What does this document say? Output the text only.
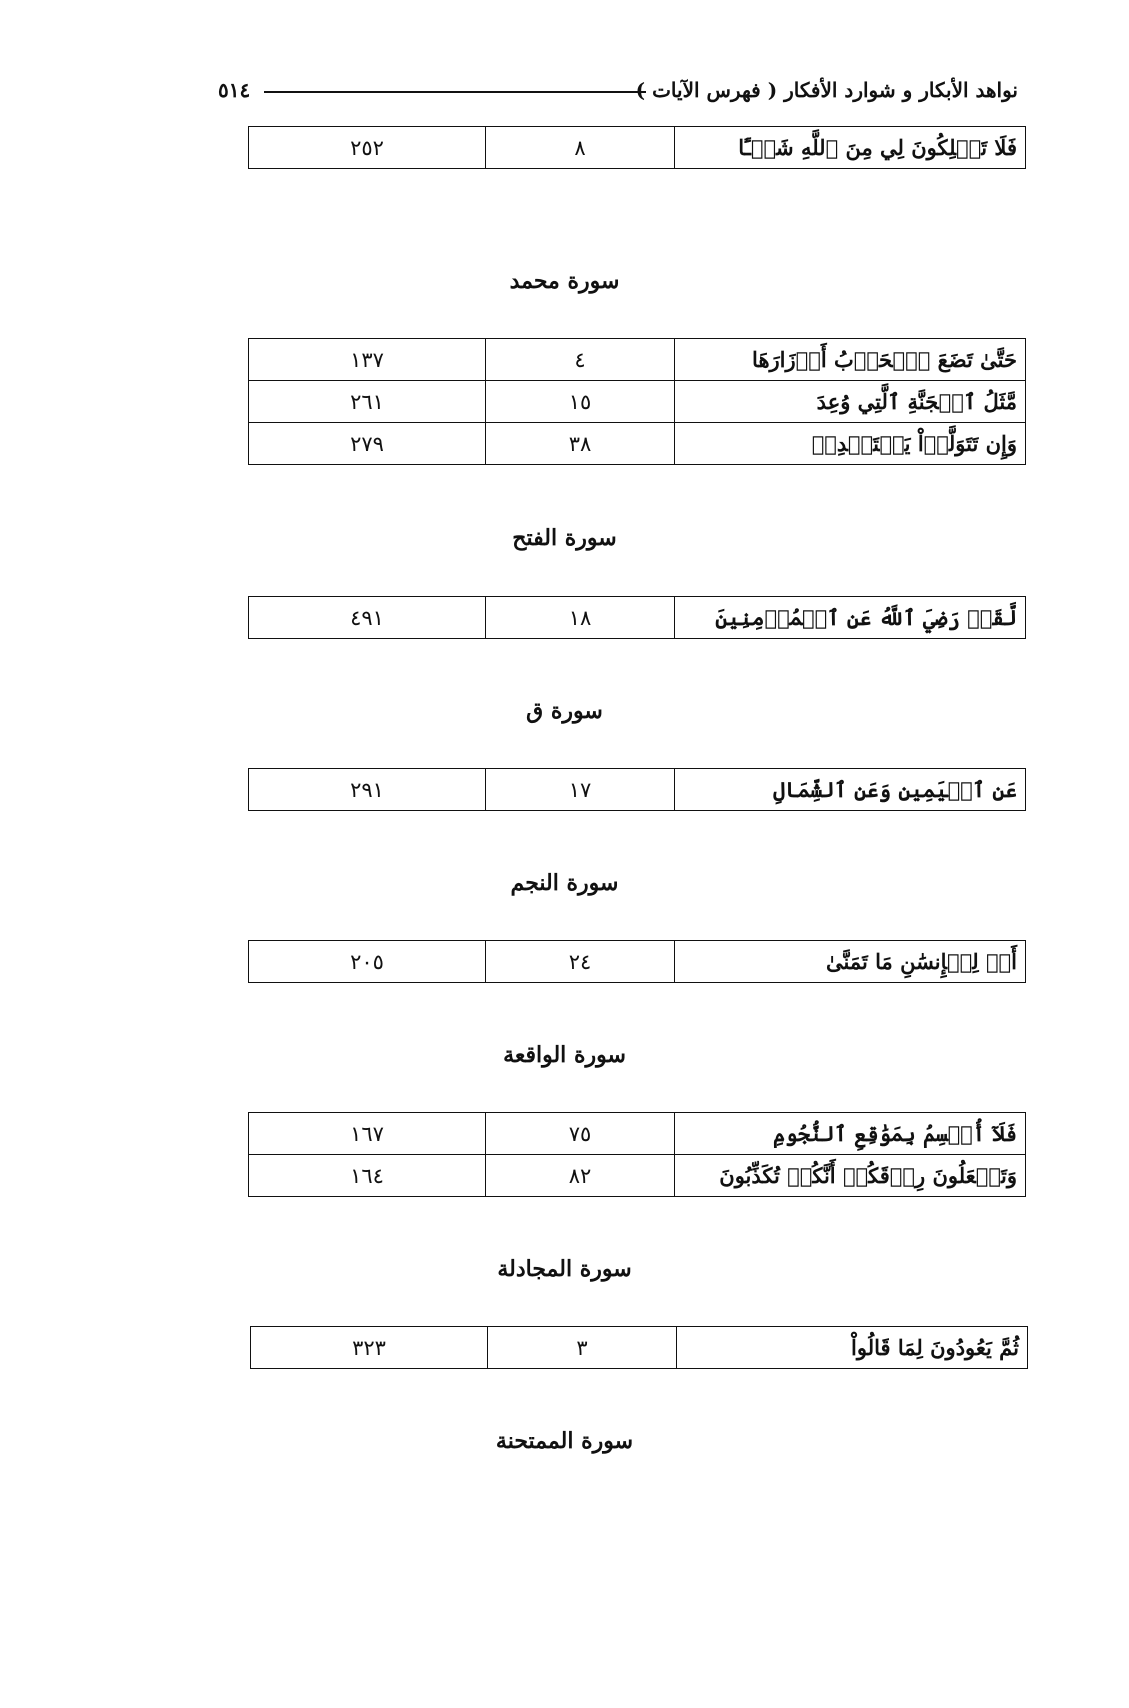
نواهد الأبكار و شوارد الأفكار ( فهرس الآيات )
٥١٤
فَلَا تَمۡلِكُونَ لِي مِنَ ٱللَّهِ شَيۡـًٔا	٨	٢٥٢
سورة محمد
حَتَّىٰ تَضَعَ ٱلۡحَرۡبُ أَوۡزَارَهَا	٤	١٣٧
مَّثَلُ ٱلۡجَنَّةِ ٱلَّتِي وُعِدَ	١٥	٢٦١
وَإِن تَتَوَلَّوۡاْ يَسۡتَبۡدِلۡ	٣٨	٢٧٩
سورة الفتح
لَّقَدۡ رَضِيَ ٱللَّهُ عَنِ ٱلۡمُؤۡمِنِينَ	١٨	٤٩١
سورة ق
عَنِ ٱلۡيَمِينِ وَعَنِ ٱلشِّمَالِ	١٧	٢٩١
سورة النجم
أَمۡ لِلۡإِنسَٰنِ مَا تَمَنَّىٰ	٢٤	٢٠٥
سورة الواقعة
فَلَآ أُقۡسِمُ بِمَوَٰقِعِ ٱلنُّجُومِ	٧٥	١٦٧
وَتَجۡعَلُونَ رِزۡقَكُمۡ أَنَّكُمۡ تُكَذِّبُونَ	٨٢	١٦٤
سورة المجادلة
ثُمَّ يَعُودُونَ لِمَا قَالُواْ	٣	٣٢٣
سورة الممتحنة
